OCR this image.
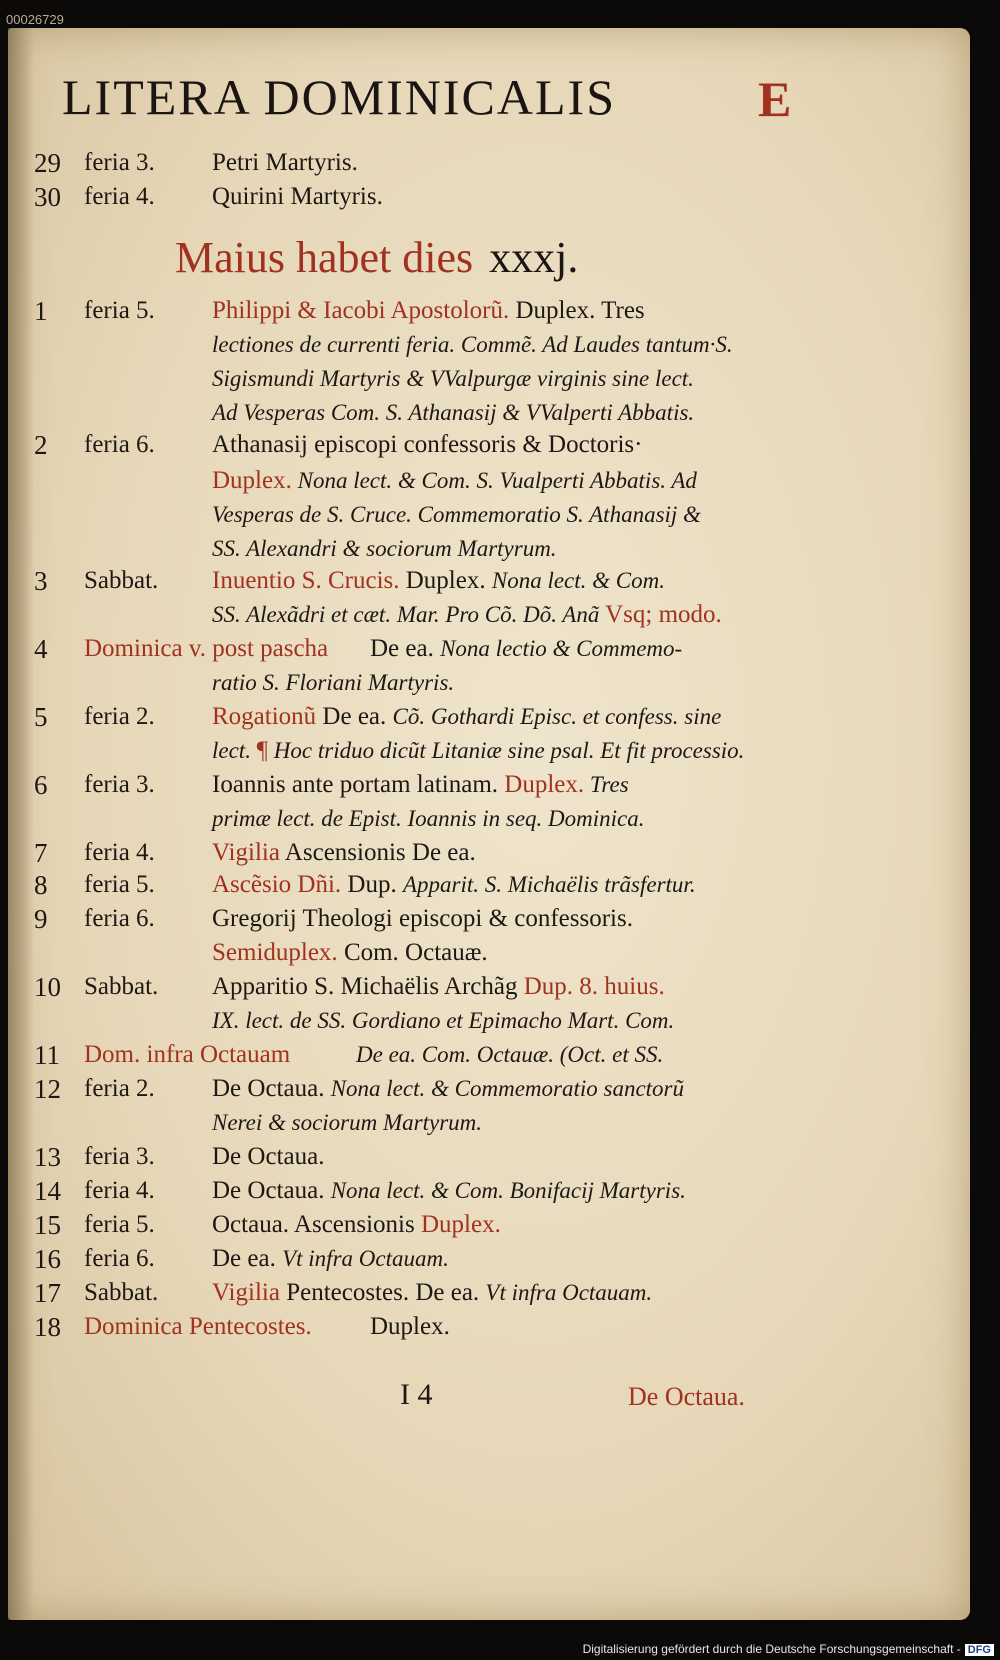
00026729
LITERA DOMINICALIS	E
Maius habet dies xxxj.
29 feria 3. Petri Martyris.
30 feria 4. Quirini Martyris.
1 feria 5. Philippi & Iacobi Apostolorũ. Duplex. Tres
lectiones de currenti feria. Commẽ. Ad Laudes tantum·S.
Sigismundi Martyris & VValpurgæ virginis sine lect.
Ad Vesperas Com. S. Athanasij & VValperti Abbatis.
2 feria 6. Athanasij episcopi confessoris & Doctoris·
Duplex. Nona lect. & Com. S. Vualperti Abbatis. Ad
Vesperas de S. Cruce. Commemoratio S. Athanasij &
SS. Alexandri & sociorum Martyrum.
3 Sabbat. Inuentio S. Crucis. Duplex. Nona lect. & Com.
SS. Alexãdri et cæt. Mar. Pro Cõ. Dõ. Anã Vsq; modo.
4 Dominica v. post pascha De ea. Nona lectio & Commemo-
ratio S. Floriani Martyris.
5 feria 2. Rogationũ De ea. Cõ. Gothardi Episc. et confess. sine
lect. ¶ Hoc triduo dicũt Litaniæ sine psal. Et fit processio.
6 feria 3. Ioannis ante portam latinam. Duplex. Tres
primæ lect. de Epist. Ioannis in seq. Dominica.
7 feria 4. Vigilia Ascensionis De ea.
8 feria 5. Ascẽsio Dñi. Dup. Apparit. S. Michaëlis trãsfertur.
9 feria 6. Gregorij Theologi episcopi & confessoris.
Semiduplex. Com. Octauæ.
10 Sabbat. Apparitio S. Michaëlis Archãg Dup. 8. huius.
IX. lect. de SS. Gordiano et Epimacho Mart. Com.
11 Dom. infra Octauam	De ea. Com. Octauæ. (Oct. et SS.
12 feria 2. De Octaua. Nona lect. & Commemoratio sanctorũ
Nerei & sociorum Martyrum.
13 feria 3. De Octaua.
14 feria 4. De Octaua. Nona lect. & Com. Bonifacij Martyris.
15 feria 5. Octaua. Ascensionis Duplex.
16 feria 6. De ea. Vt infra Octauam.
17 Sabbat. Vigilia Pentecostes. De ea. Vt infra Octauam.
18 Dominica Pentecostes. Duplex.
I 4	De Octaua.
Digitalisierung gefördert durch die Deutsche Forschungsgemeinschaft - DFG
